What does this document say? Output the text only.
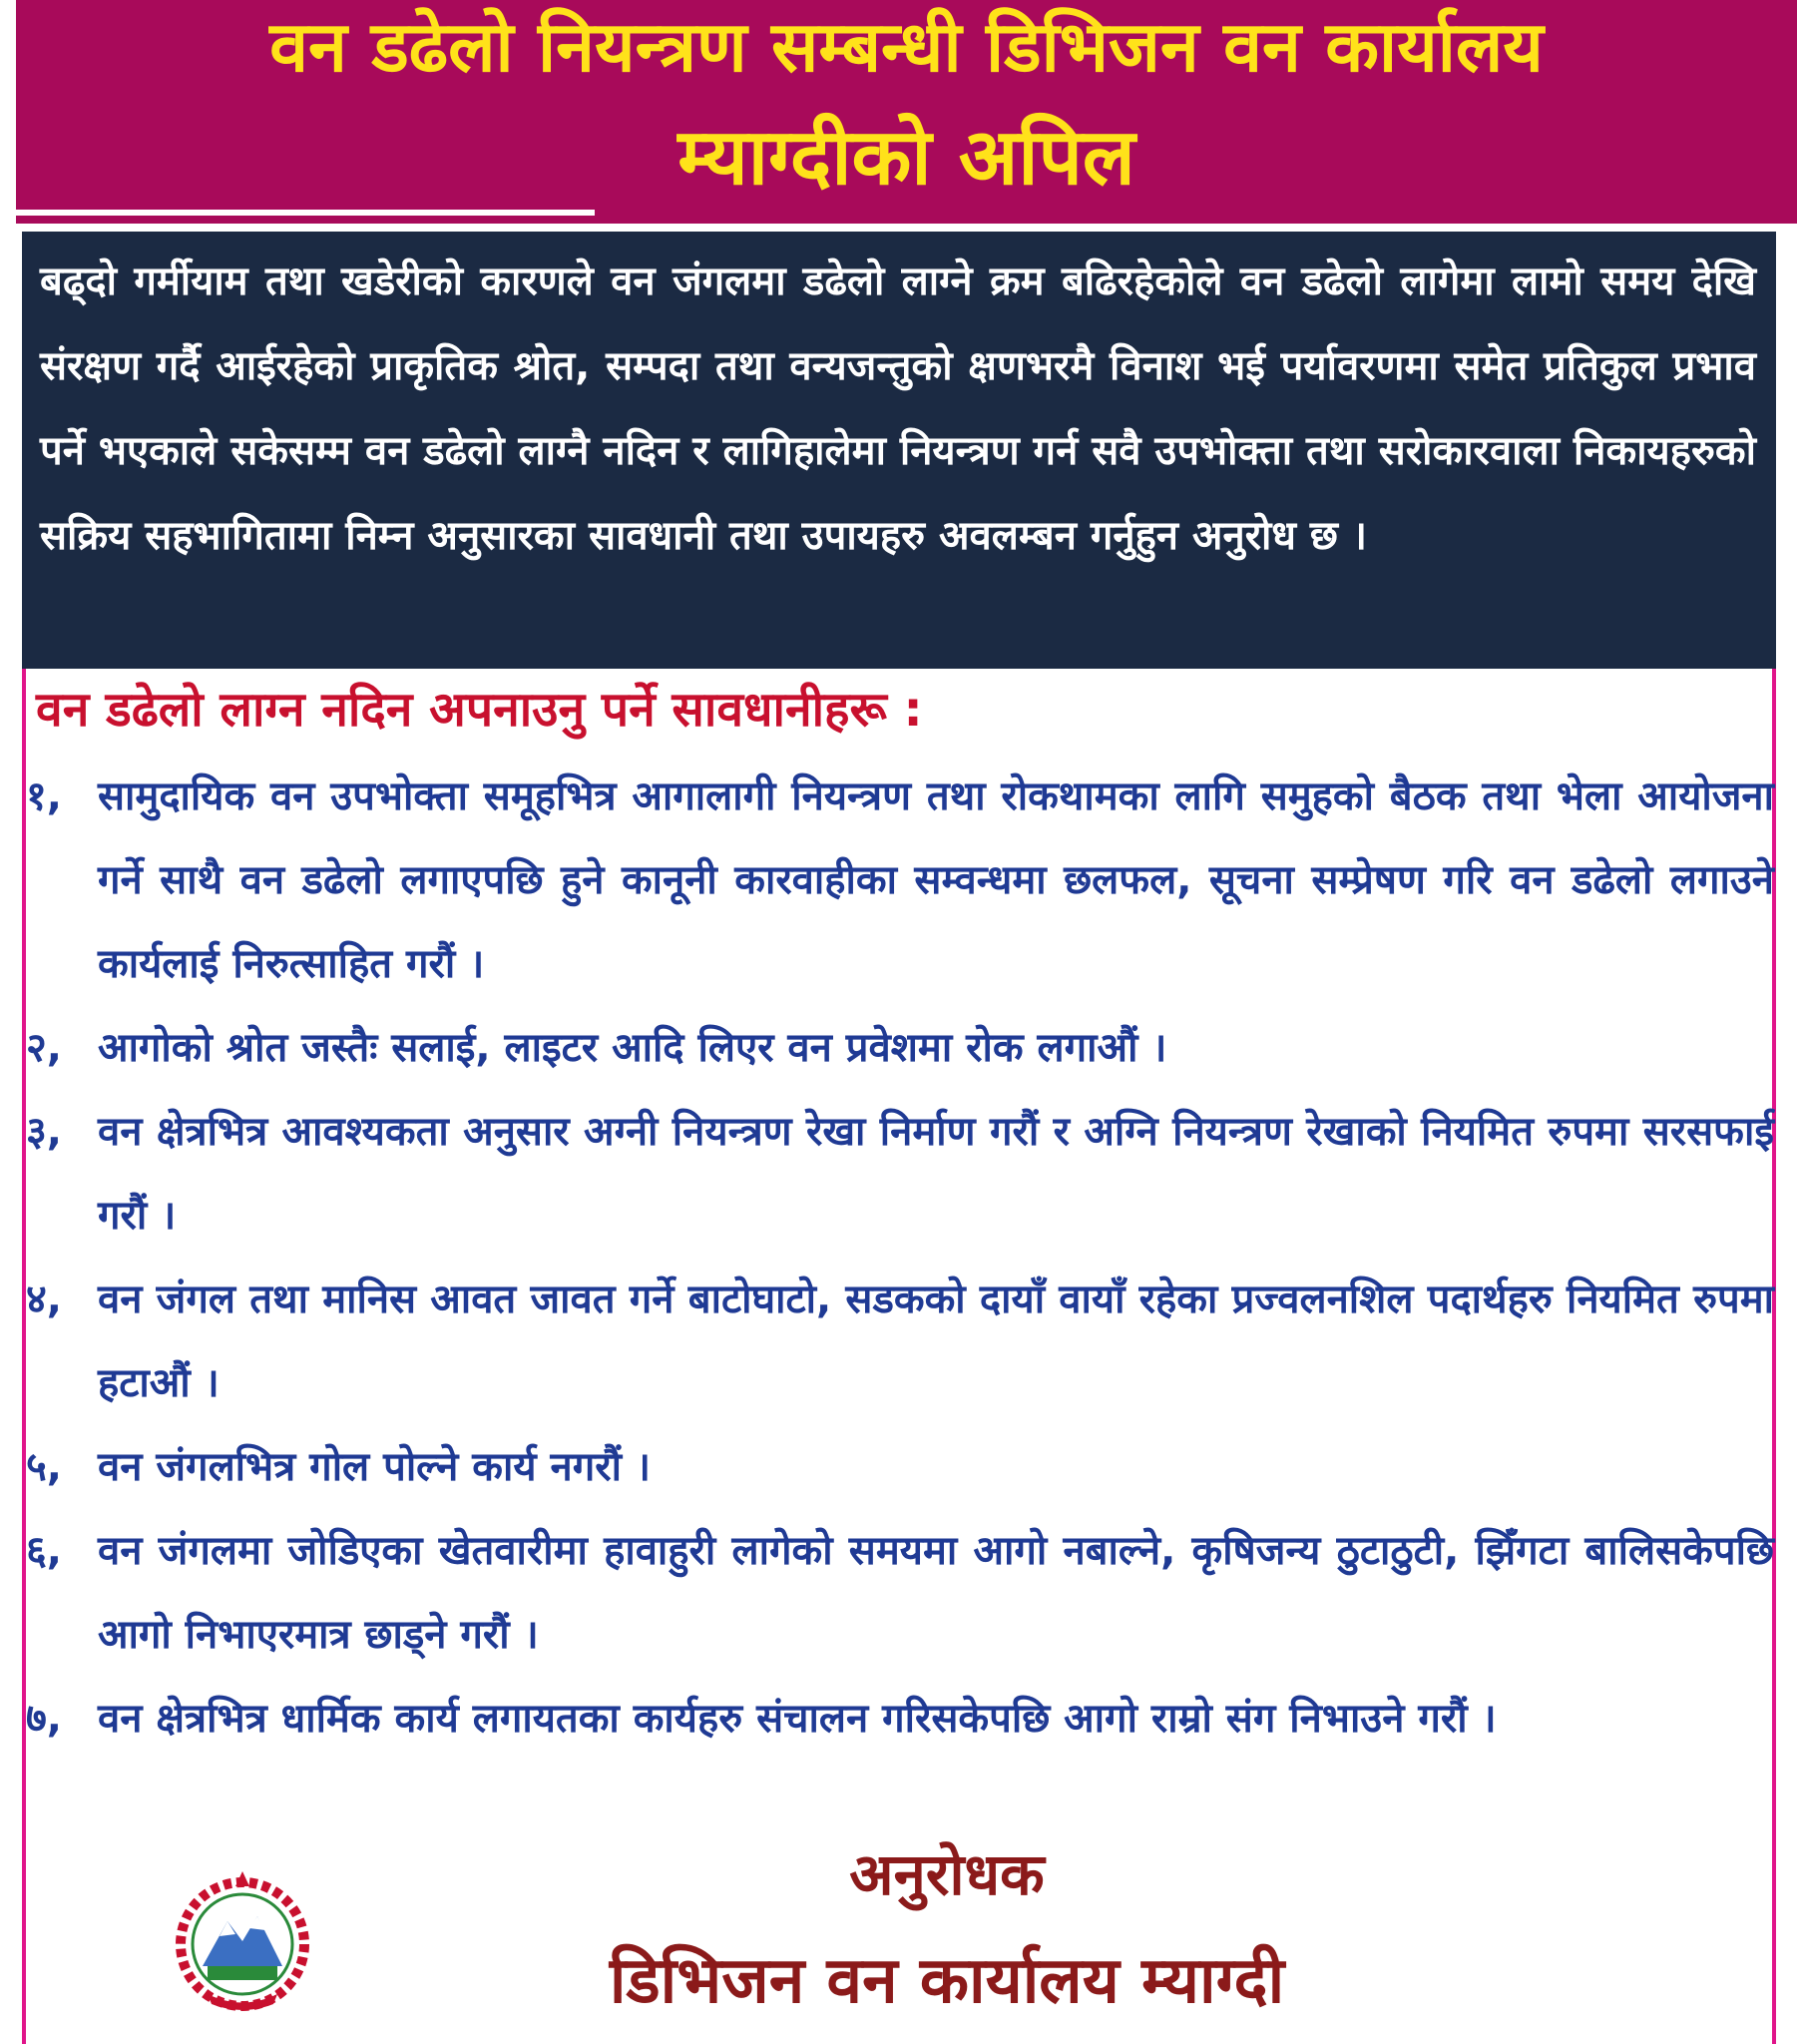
वन डढेलो नियन्त्रण सम्बन्धी डिभिजन वन कार्यालय
म्याग्दीको अपिल

बढ्दो गर्मीयाम तथा खडेरीको कारणले वन जंगलमा डढेलो लाग्ने क्रम बढिरहेकोले वन डढेलो लागेमा लामो समय देखि संरक्षण गर्दै आईरहेको प्राकृतिक श्रोत, सम्पदा तथा वन्यजन्तुको क्षणभरमै विनाश भई पर्यावरणमा समेत प्रतिकुल प्रभाव पर्ने भएकाले सकेसम्म वन डढेलो लाग्नै नदिन र लागिहालेमा नियन्त्रण गर्न सवै उपभोक्ता तथा सरोकारवाला निकायहरुको सक्रिय सहभागितामा निम्न अनुसारका सावधानी तथा उपायहरु अवलम्बन गर्नुहुन अनुरोध छ ।

वन डढेलो लाग्न नदिन अपनाउनु पर्ने सावधानीहरू :
१, सामुदायिक वन उपभोक्ता समूहभित्र आगालागी नियन्त्रण तथा रोकथामका लागि समुहको बैठक तथा भेला आयोजना गर्ने साथै वन डढेलो लगाएपछि हुने कानूनी कारवाहीका सम्वन्धमा छलफल, सूचना सम्प्रेषण गरि वन डढेलो लगाउने कार्यलाई निरुत्साहित गरौं ।
२, आगोको श्रोत जस्तैः सलाई, लाइटर आदि लिएर वन प्रवेशमा रोक लगाऔं ।
३, वन क्षेत्रभित्र आवश्यकता अनुसार अग्नी नियन्त्रण रेखा निर्माण गरौं र अग्नि नियन्त्रण रेखाको नियमित रुपमा सरसफाई गरौं ।
४, वन जंगल तथा मानिस आवत जावत गर्ने बाटोघाटो, सडकको दायाँ वायाँ रहेका प्रज्वलनशिल पदार्थहरु नियमित रुपमा हटाऔं ।
५, वन जंगलभित्र गोल पोल्ने कार्य नगरौं ।
६, वन जंगलमा जोडिएका खेतवारीमा हावाहुरी लागेको समयमा आगो नबाल्ने, कृषिजन्य ठुटाठुटी, झिँगटा बालिसकेपछि आगो निभाएरमात्र छाड्ने गरौं ।
७, वन क्षेत्रभित्र धार्मिक कार्य लगायतका कार्यहरु संचालन गरिसकेपछि आगो राम्रो संग निभाउने गरौं ।
अनुरोधक
डिभिजन वन कार्यालय म्याग्दी
